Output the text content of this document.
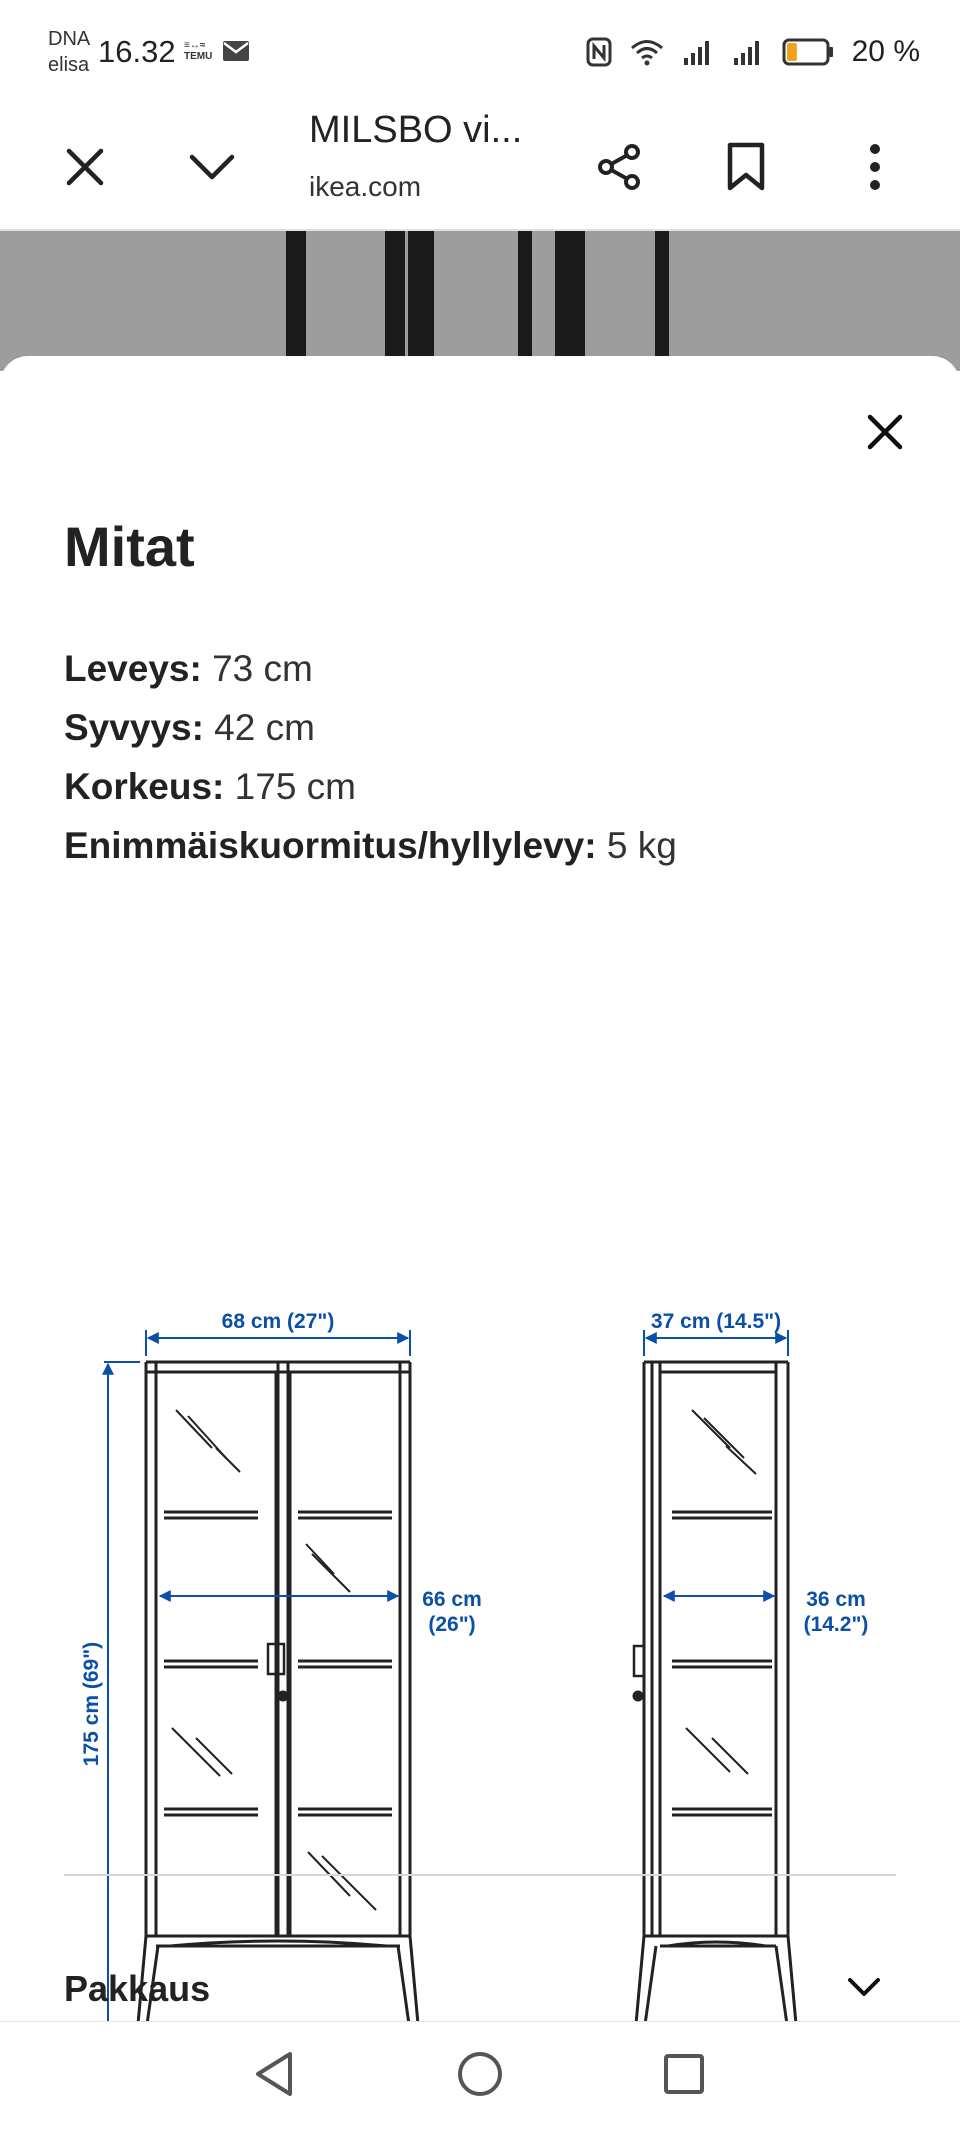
DNA
elisa 16.32 ≡↔≈
TEMU	20 %
MILSBO vi...
ikea.com
Mitat
Leveys: 73 cm
Syvyys: 42 cm
Korkeus: 175 cm
Enimmäiskuormitus/hyllylevy: 5 kg
68 cm (27")
66 cm
(26")
175 cm (69")
37 cm (14.5")
36 cm
(14.2")
Pakkaus
